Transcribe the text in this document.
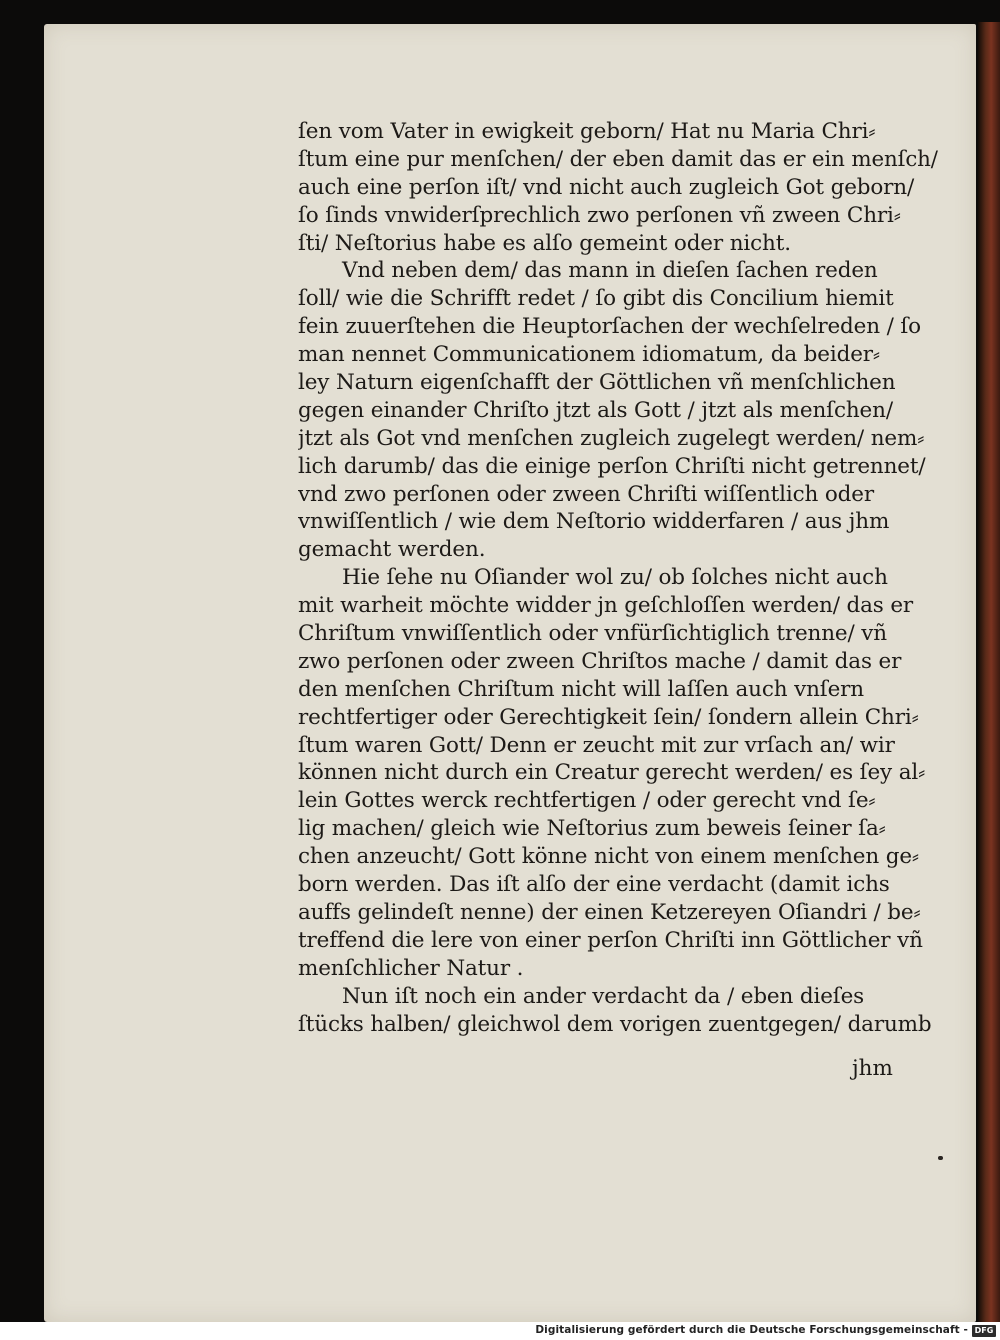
ſen vom Vater in ewigkeit geborn/ Hat nu Maria Chri⸗
ſtum eine pur menſchen/ der eben damit das er ein menſch/
auch eine perſon iſt/ vnd nicht auch zugleich Got geborn/
ſo ſinds vnwiderſprechlich zwo perſonen vñ zween Chri⸗
ſti/ Neſtorius habe es alſo gemeint oder nicht.
Vnd neben dem/ das mann in dieſen ſachen reden
ſoll/ wie die Schrifft redet / ſo gibt dis Concilium hiemit
fein zuuerſtehen die Heuptorſachen der wechſelreden / ſo
man nennet Communicationem idiomatum, da beider⸗
ley Naturn eigenſchafft der Göttlichen vñ menſchlichen
gegen einander Chriſto jtzt als Gott / jtzt als menſchen/
jtzt als Got vnd menſchen zugleich zugelegt werden/ nem⸗
lich darumb/ das die einige perſon Chriſti nicht getrennet/
vnd zwo perſonen oder zween Chriſti wiſſentlich oder
vnwiſſentlich / wie dem Neſtorio widderfaren / aus jhm
gemacht werden.
Hie ſehe nu Oſiander wol zu/ ob ſolches nicht auch
mit warheit möchte widder jn geſchloſſen werden/ das er
Chriſtum vnwiſſentlich oder vnfürſichtiglich trenne/ vñ
zwo perſonen oder zween Chriſtos mache / damit das er
den menſchen Chriſtum nicht will laſſen auch vnſern
rechtfertiger oder Gerechtigkeit ſein/ ſondern allein Chri⸗
ſtum waren Gott/ Denn er zeucht mit zur vrſach an/ wir
können nicht durch ein Creatur gerecht werden/ es ſey al⸗
lein Gottes werck rechtfertigen / oder gerecht vnd ſe⸗
lig machen/ gleich wie Neſtorius zum beweis ſeiner ſa⸗
chen anzeucht/ Gott könne nicht von einem menſchen ge⸗
born werden. Das iſt alſo der eine verdacht (damit ichs
auffs gelindeſt nenne) der einen Ketzereyen Oſiandri / be⸗
treffend die lere von einer perſon Chriſti inn Göttlicher vñ
menſchlicher Natur .
Nun iſt noch ein ander verdacht da / eben dieſes
ſtücks halben/ gleichwol dem vorigen zuentgegen/ darumb
jhm
Digitalisierung gefördert durch die Deutsche Forschungsgemeinschaft - DFG
